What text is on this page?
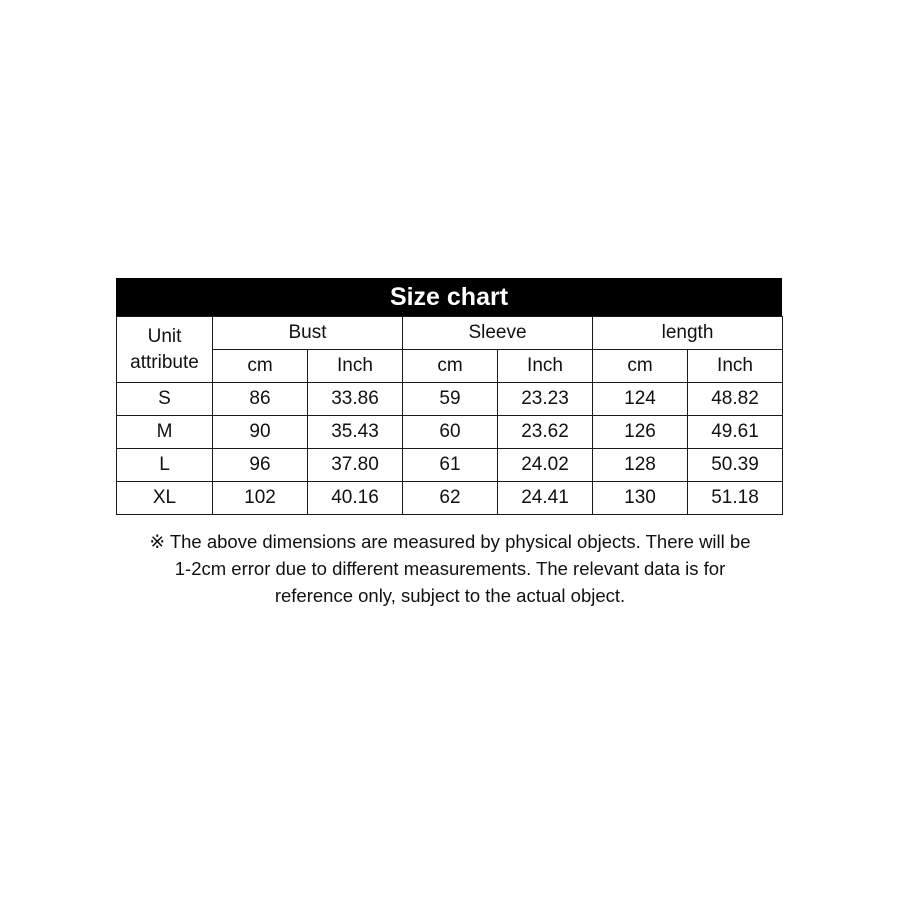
Size chart
Unit
attribute	Bust		Sleeve		length	
	cm	Inch	cm	Inch	cm	Inch
S	86	33.86	59	23.23	124	48.82
M	90	35.43	60	23.62	126	49.61
L	96	37.80	61	24.02	128	50.39
XL	102	40.16	62	24.41	130	51.18
※ The above dimensions are measured by physical objects. There will be
1-2cm error due to different measurements. The relevant data is for
reference only, subject to the actual object.
